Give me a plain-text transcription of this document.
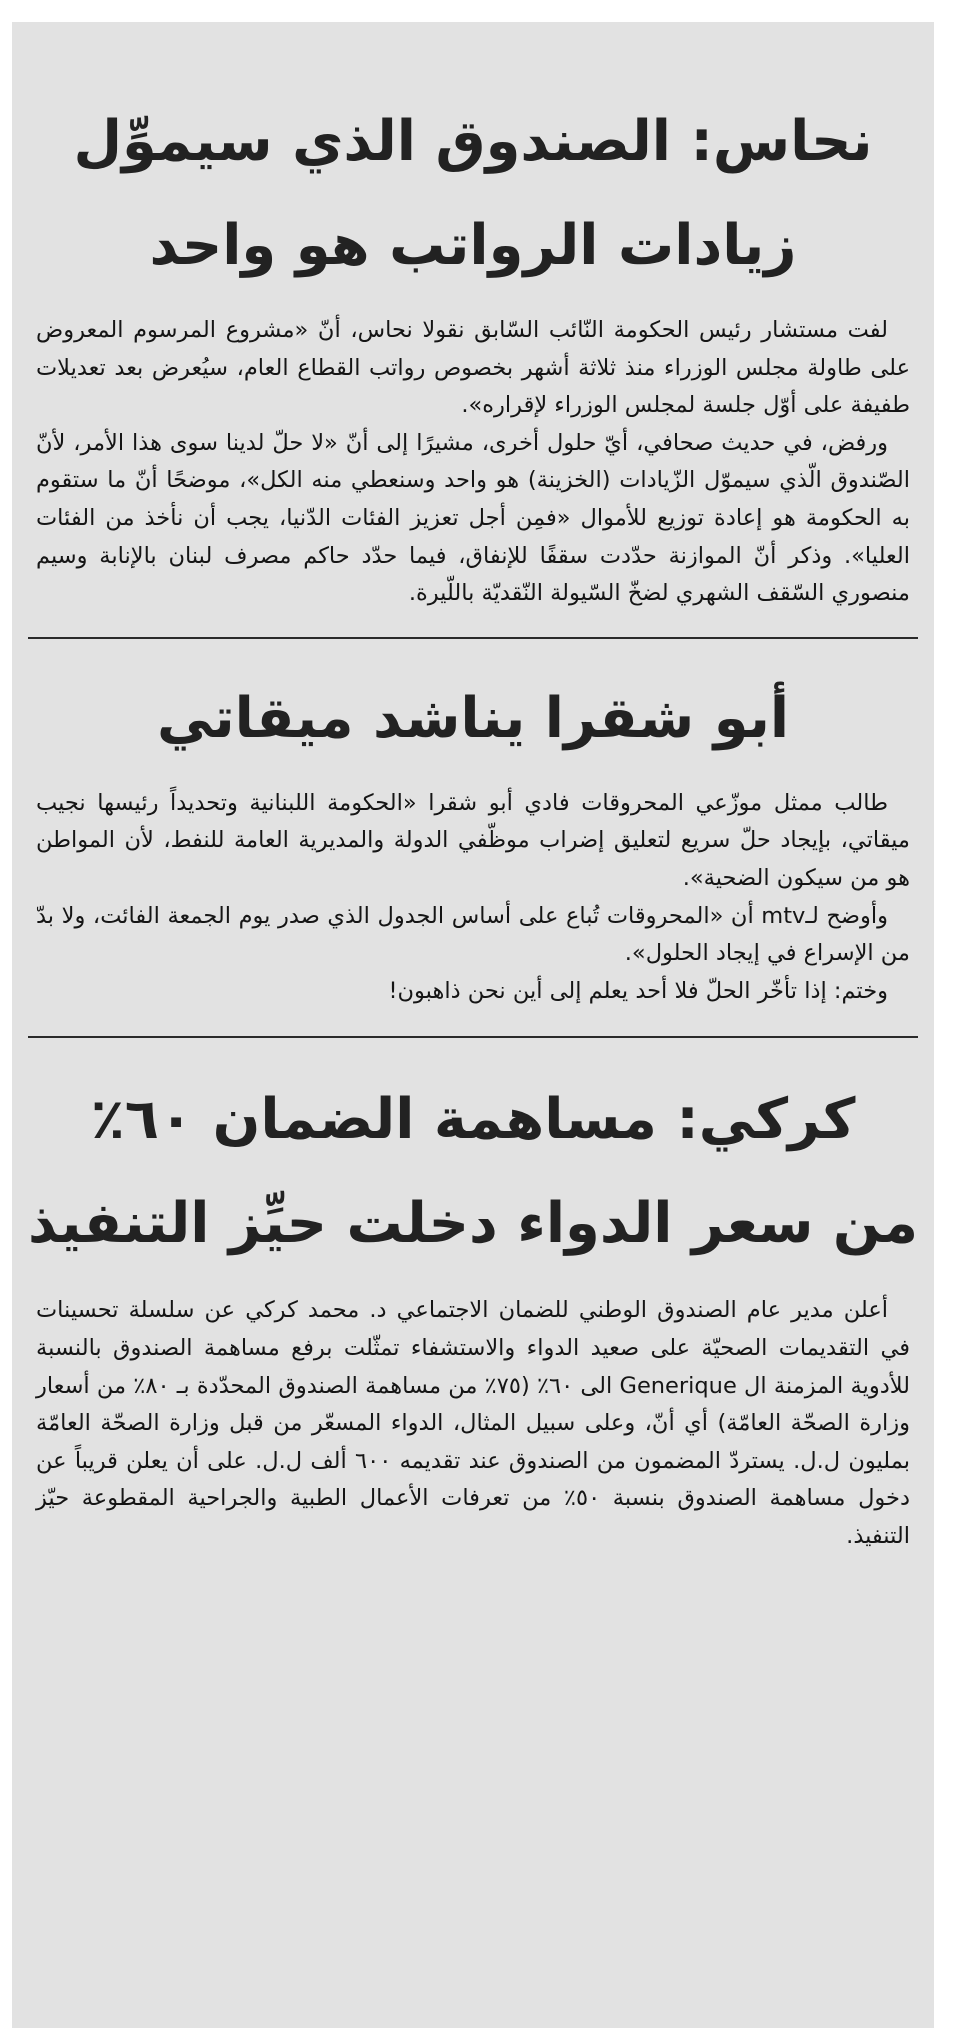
نحاس: الصندوق الذي سيموِّل
زيادات الرواتب هو واحد

لفت مستشار رئيس الحكومة النّائب السّابق نقولا نحاس، أنّ «مشروع المرسوم المعروض على طاولة مجلس الوزراء منذ ثلاثة أشهر بخصوص رواتب القطاع العام، سيُعرض بعد تعديلات طفيفة على أوّل جلسة لمجلس الوزراء لإقراره».

ورفض، في حديث صحافي، أيّ حلول أخرى، مشيرًا إلى أنّ «لا حلّ لدينا سوى هذا الأمر، لأنّ الصّندوق الّذي سيموّل الزّيادات (الخزينة) هو واحد وسنعطي منه الكل»، موضحًا أنّ ما ستقوم به الحكومة هو إعادة توزيع للأموال «فمِن أجل تعزيز الفئات الدّنيا، يجب أن نأخذ من الفئات العليا». وذكر أنّ الموازنة حدّدت سقفًا للإنفاق، فيما حدّد حاكم مصرف لبنان بالإنابة وسيم منصوري السّقف الشهري لضخّ السّيولة النّقديّة باللّيرة.

أبو شقرا يناشد ميقاتي

طالب ممثل موزّعي المحروقات فادي أبو شقرا «الحكومة اللبنانية وتحديداً رئيسها نجيب ميقاتي، بإيجاد حلّ سريع لتعليق إضراب موظّفي الدولة والمديرية العامة للنفط، لأن المواطن هو من سيكون الضحية».

وأوضح لـmtv أن «المحروقات تُباع على أساس الجدول الذي صدر يوم الجمعة الفائت، ولا بدّ من الإسراع في إيجاد الحلول».

وختم: إذا تأخّر الحلّ فلا أحد يعلم إلى أين نحن ذاهبون!

كركي: مساهمة الضمان ٦٠٪
من سعر الدواء دخلت حيِّز التنفيذ

أعلن مدير عام الصندوق الوطني للضمان الاجتماعي د. محمد كركي عن سلسلة تحسينات في التقديمات الصحيّة على صعيد الدواء والاستشفاء تمثّلت برفع مساهمة الصندوق بالنسبة للأدوية المزمنة ال Generique الى ٦٠٪ (٧٥٪ من مساهمة الصندوق المحدّدة بـ ٨٠٪ من أسعار وزارة الصحّة العامّة) أي أنّ، وعلى سبيل المثال، الدواء المسعّر من قبل وزارة الصحّة العامّة بمليون ل.ل. يستردّ المضمون من الصندوق عند تقديمه ٦٠٠ ألف ل.ل. على أن يعلن قريباً عن دخول مساهمة الصندوق بنسبة ٥٠٪ من تعرفات الأعمال الطبية والجراحية المقطوعة حيّز التنفيذ.
